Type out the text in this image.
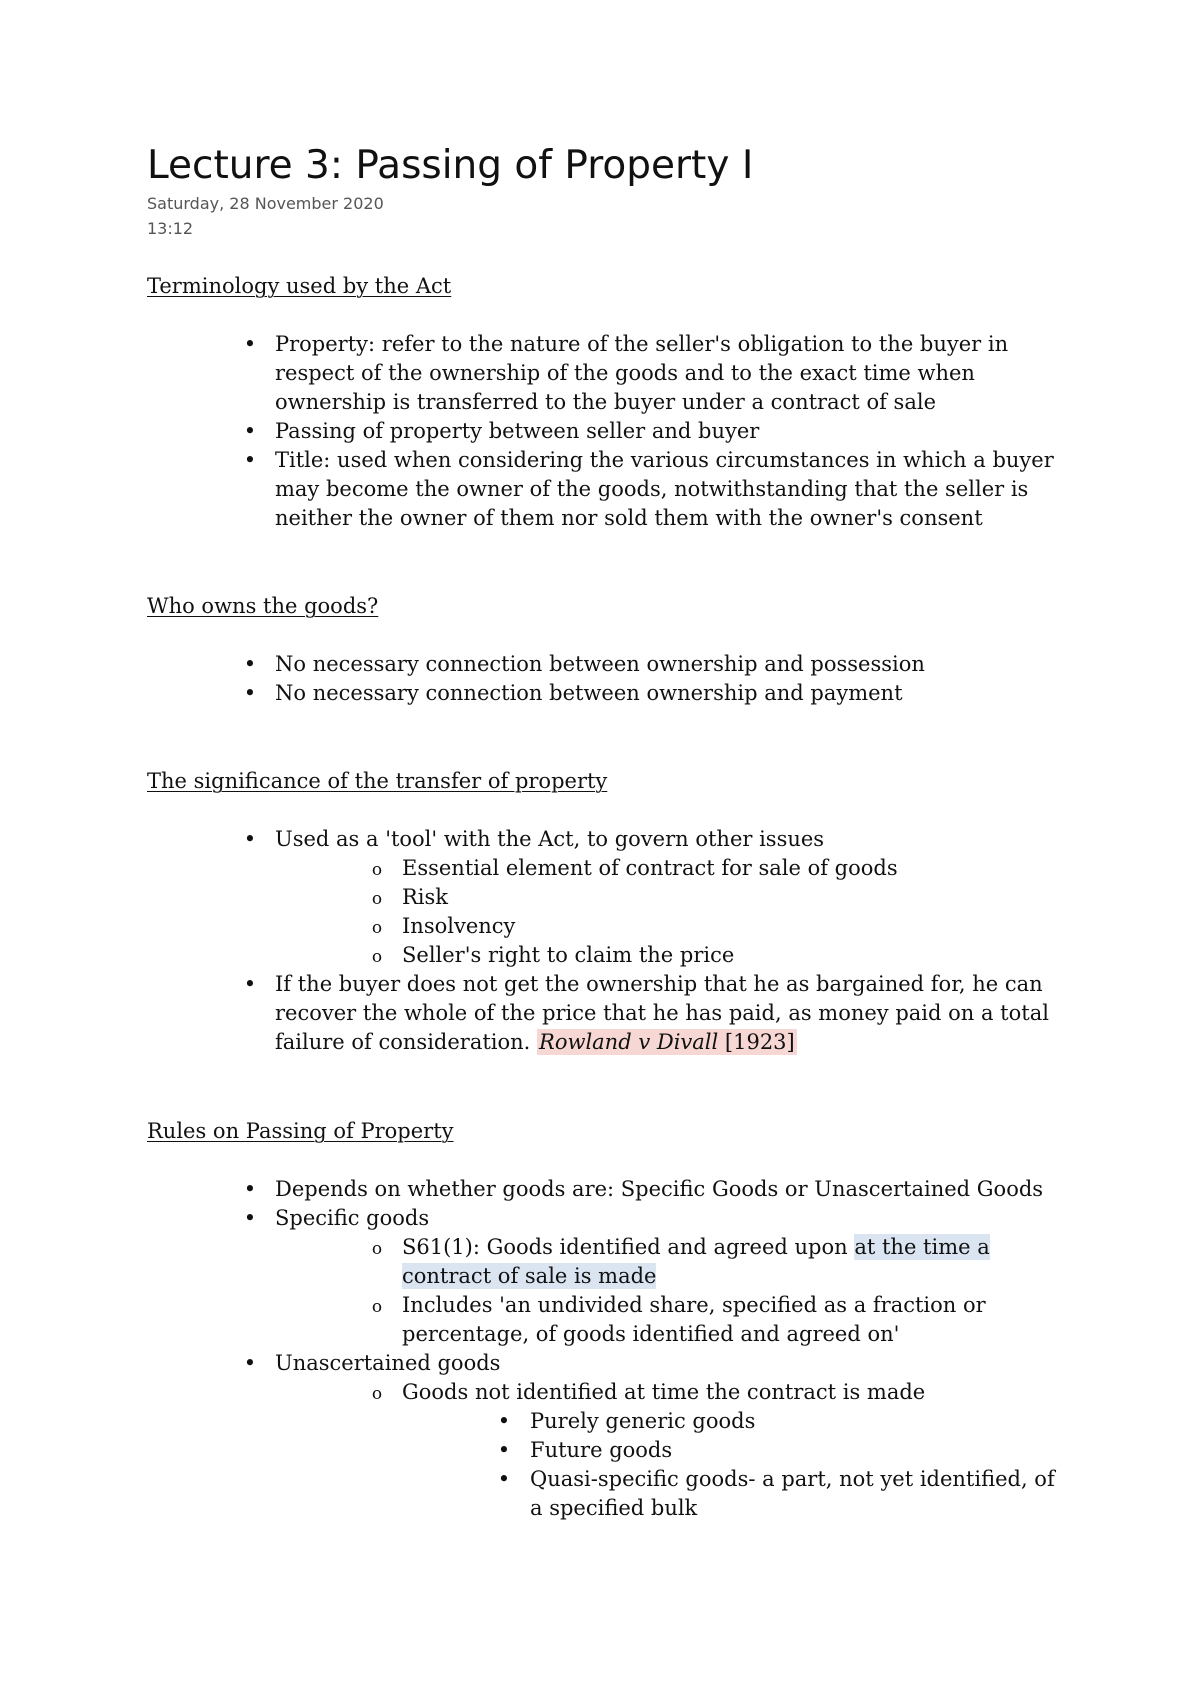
Lecture 3: Passing of Property I
Saturday, 28 November 2020
13:12
Terminology used by the Act
•
Property: refer to the nature of the seller's obligation to the buyer in
respect of the ownership of the goods and to the exact time when
ownership is transferred to the buyer under a contract of sale
•
Passing of property between seller and buyer
•
Title: used when considering the various circumstances in which a buyer
may become the owner of the goods, notwithstanding that the seller is
neither the owner of them nor sold them with the owner's consent
Who owns the goods?
•
No necessary connection between ownership and possession
•
No necessary connection between ownership and payment
The significance of the transfer of property
•
Used as a 'tool' with the Act, to govern other issues
o
Essential element of contract for sale of goods
o
Risk
o
Insolvency
o
Seller's right to claim the price
•
If the buyer does not get the ownership that he as bargained for, he can
recover the whole of the price that he has paid, as money paid on a total
failure of consideration. Rowland v Divall [1923]
Rules on Passing of Property
•
Depends on whether goods are: Specific Goods or Unascertained Goods
•
Specific goods
o
S61(1): Goods identified and agreed upon at the time a
contract of sale is made
o
Includes 'an undivided share, specified as a fraction or
percentage, of goods identified and agreed on'
•
Unascertained goods
o
Goods not identified at time the contract is made
•
Purely generic goods
•
Future goods
•
Quasi-specific goods- a part, not yet identified, of
a specified bulk
